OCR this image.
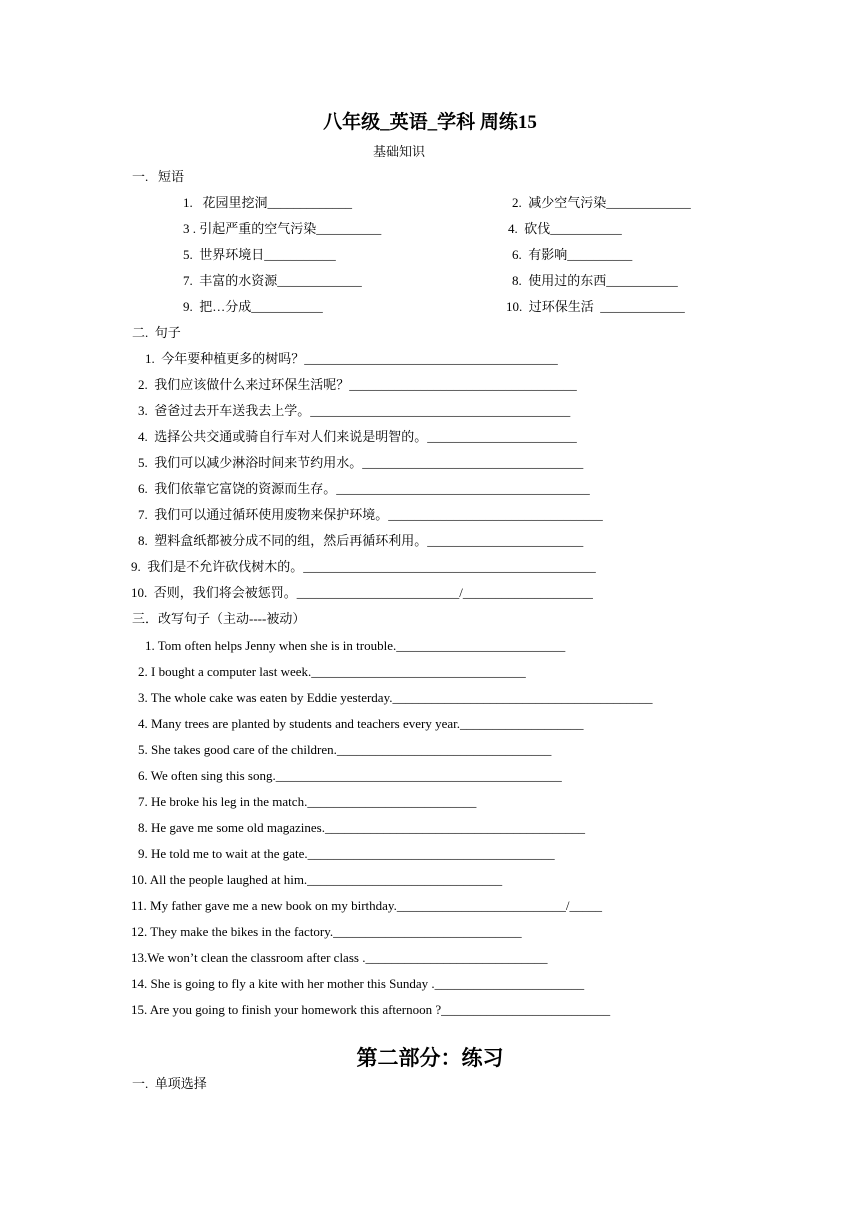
八年级_英语_学科 周练15
基础知识
一.   短语
1.   花园里挖洞_____________	2.  减少空气污染_____________
3 . 引起严重的空气污染__________	4.  砍伐___________
5.  世界环境日___________	6.  有影响__________
7.  丰富的水资源_____________	8.  使用过的东西___________
9.  把…分成___________	10.  过环保生活  _____________
二.  句子
1.  今年要种植更多的树吗？_______________________________________
2.  我们应该做什么来过环保生活呢？___________________________________
3.  爸爸过去开车送我去上学。________________________________________
4.  选择公共交通或骑自行车对人们来说是明智的。_______________________
5.  我们可以减少淋浴时间来节约用水。__________________________________
6.  我们依靠它富饶的资源而生存。_______________________________________
7.  我们可以通过循环使用废物来保护环境。_________________________________
8.  塑料盒纸都被分成不同的组，然后再循环利用。________________________
9.  我们是不允许砍伐树木的。_____________________________________________
10.  否则，我们将会被惩罚。_________________________/____________________
三．改写句子（主动----被动）
1. Tom often helps Jenny when she is in trouble.__________________________
2. I bought a computer last week._________________________________
3. The whole cake was eaten by Eddie yesterday.________________________________________
4. Many trees are planted by students and teachers every year.___________________
5. She takes good care of the children._________________________________
6. We often sing this song.____________________________________________
7. He broke his leg in the match.__________________________
8. He gave me some old magazines.________________________________________
9. He told me to wait at the gate.______________________________________
10. All the people laughed at him.______________________________
11. My father gave me a new book on my birthday.__________________________/_____
12. They make the bikes in the factory._____________________________
13.We won’t clean the classroom after class .____________________________
14. She is going to fly a kite with her mother this Sunday ._______________________
15. Are you going to finish your homework this afternoon ?__________________________
第二部分：练习
一.  单项选择
